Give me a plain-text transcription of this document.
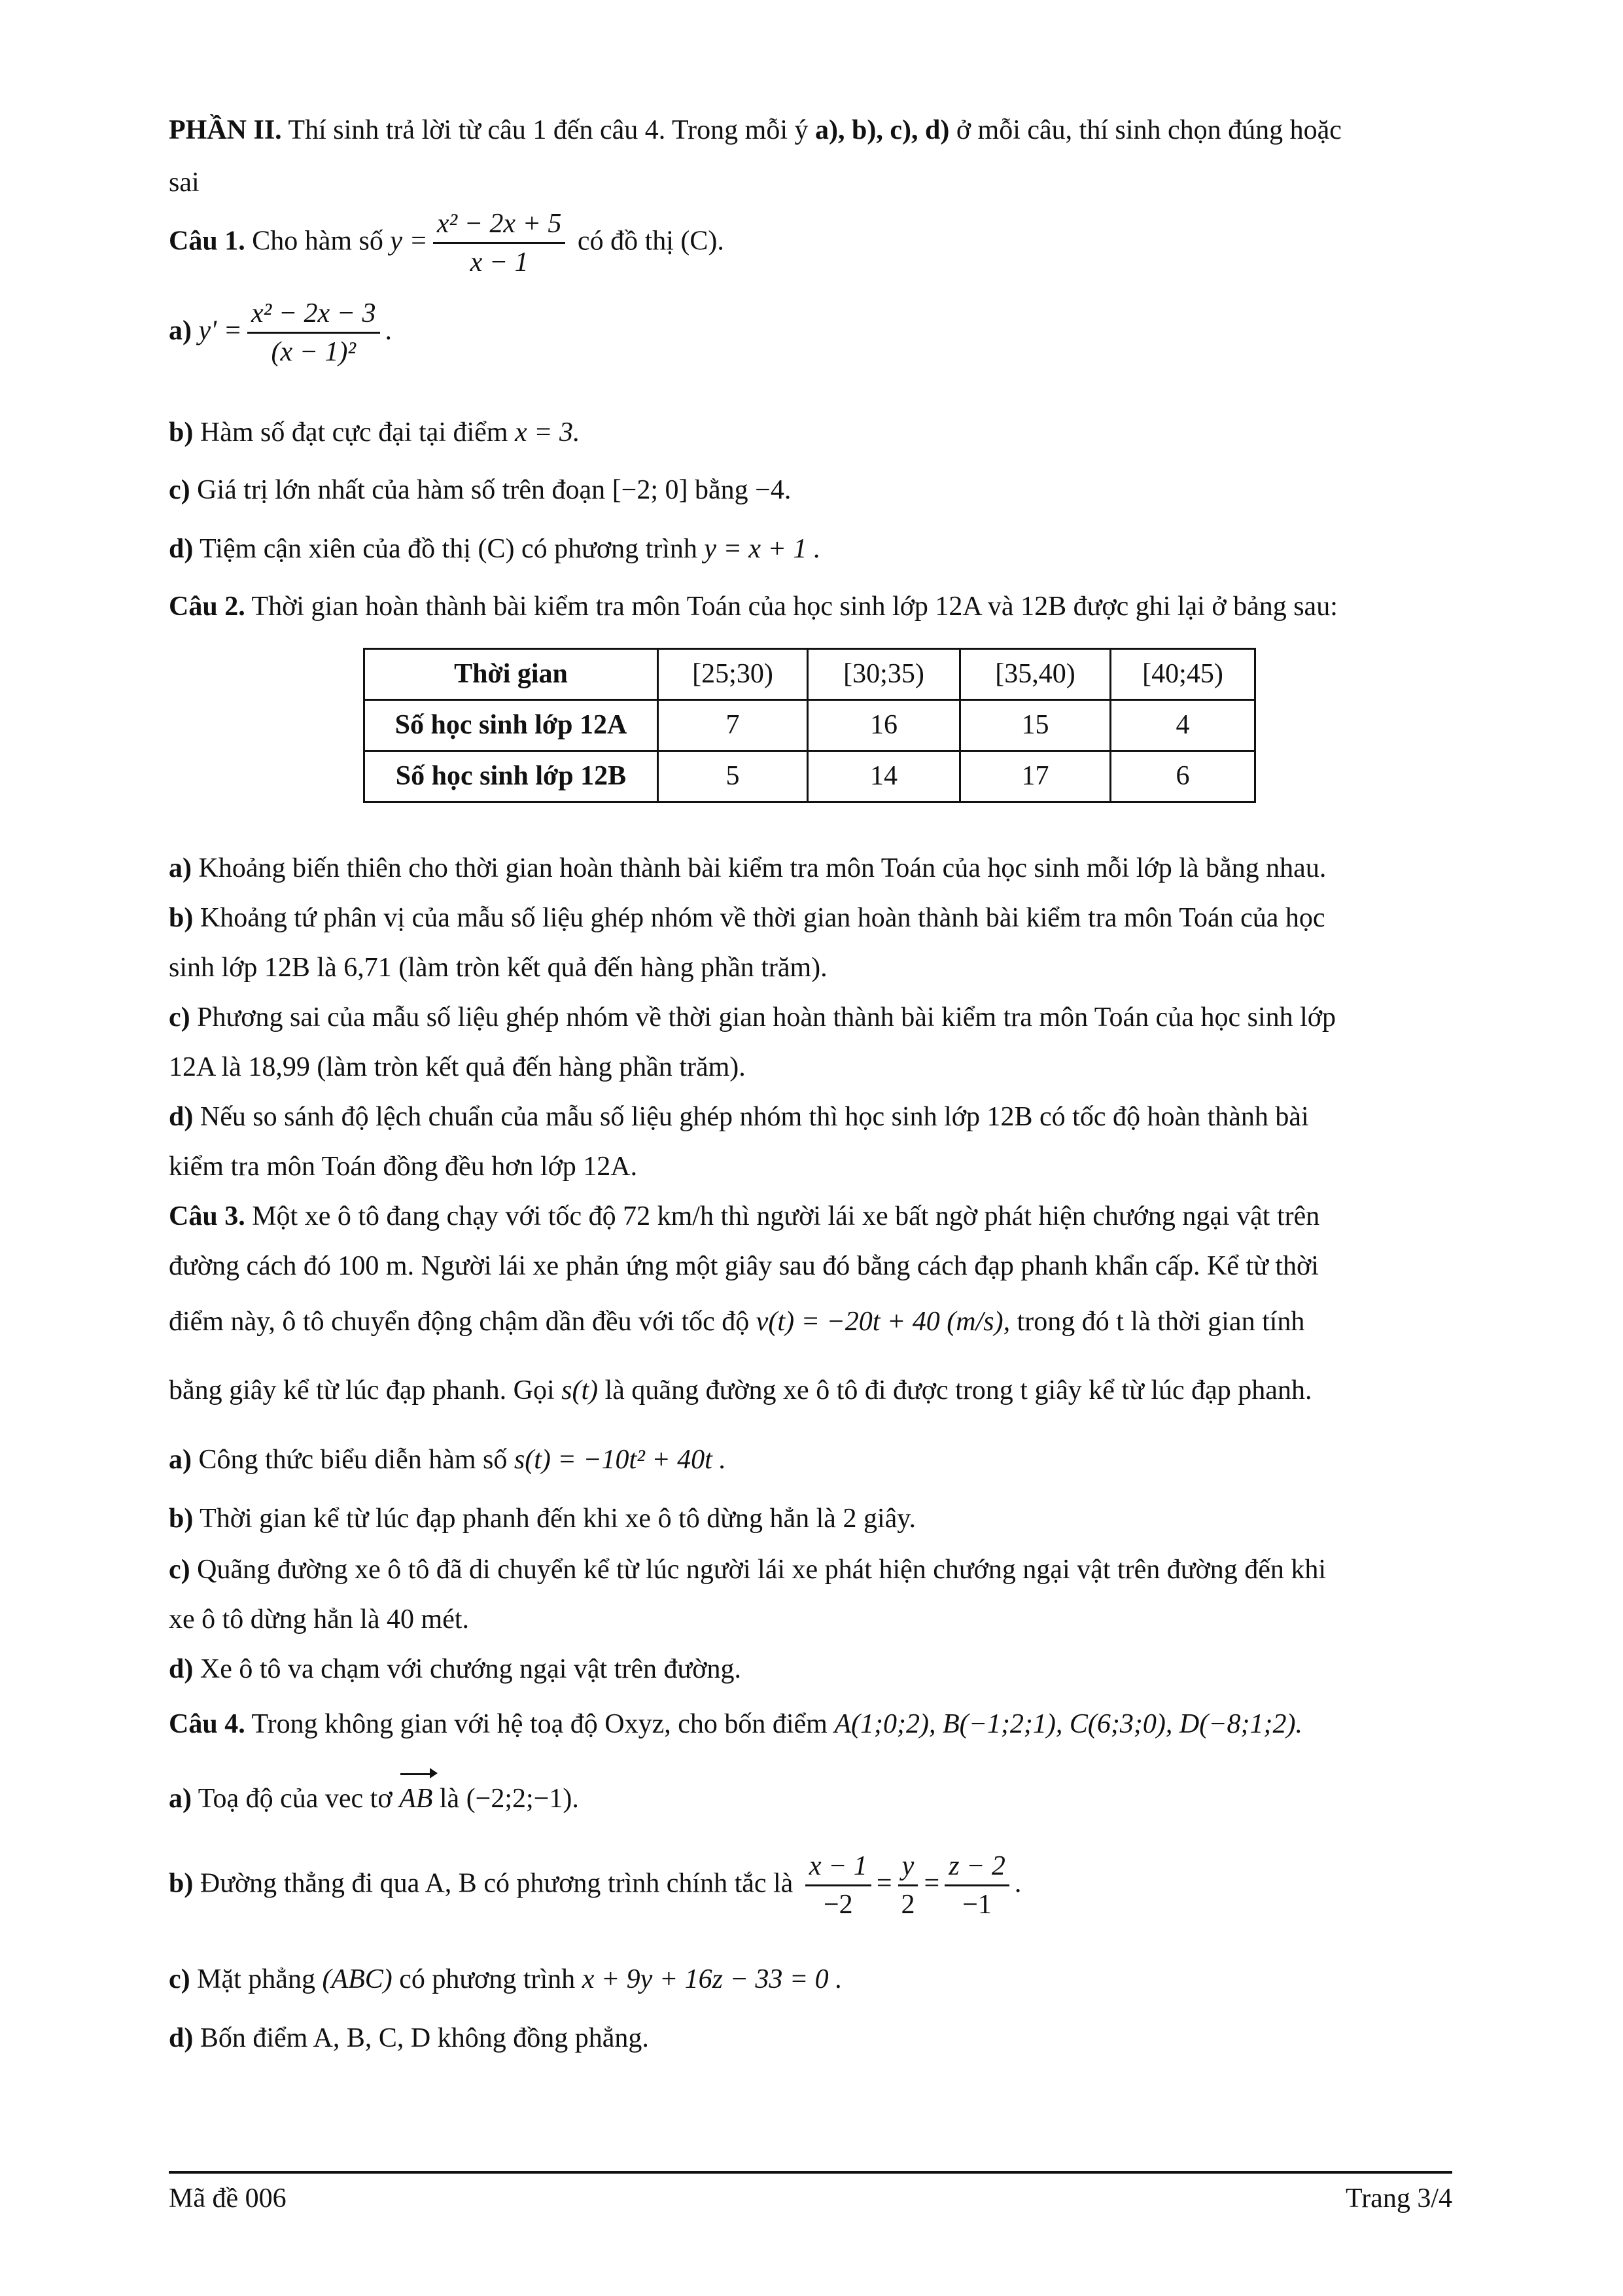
PHẦN II. Thí sinh trả lời từ câu 1 đến câu 4. Trong mỗi ý a), b), c), d) ở mỗi câu, thí sinh chọn đúng hoặc
sai
Câu 1. Cho hàm số $y = \frac{\text{x² − 2x + 5}}{x - 1}$ có đồ thị (C).
a) $y' = \frac{\text{x² − 2x − 3}}{\text{(x − 1)²}}$ .
b) Hàm số đạt cực đại tại điểm x = 3.
c) Giá trị lớn nhất của hàm số trên đoạn [−2; 0] bằng −4.
d) Tiệm cận xiên của đồ thị (C) có phương trình y = x + 1 .
Câu 2. Thời gian hoàn thành bài kiểm tra môn Toán của học sinh lớp 12A và 12B được ghi lại ở bảng sau:
Thời gian	[25;30)	[30;35)	[35,40)	[40;45)
Số học sinh lớp 12A	7	16	15	4
Số học sinh lớp 12B	5	14	17	6
a) Khoảng biến thiên cho thời gian hoàn thành bài kiểm tra môn Toán của học sinh mỗi lớp là bằng nhau.
b) Khoảng tứ phân vị của mẫu số liệu ghép nhóm về thời gian hoàn thành bài kiểm tra môn Toán của học
sinh lớp 12B là 6,71 (làm tròn kết quả đến hàng phần trăm).
c) Phương sai của mẫu số liệu ghép nhóm về thời gian hoàn thành bài kiểm tra môn Toán của học sinh lớp
12A là 18,99 (làm tròn kết quả đến hàng phần trăm).
d) Nếu so sánh độ lệch chuẩn của mẫu số liệu ghép nhóm thì học sinh lớp 12B có tốc độ hoàn thành bài
kiểm tra môn Toán đồng đều hơn lớp 12A.
Câu 3. Một xe ô tô đang chạy với tốc độ 72 km/h thì người lái xe bất ngờ phát hiện chướng ngại vật trên
đường cách đó 100 m. Người lái xe phản ứng một giây sau đó bằng cách đạp phanh khẩn cấp. Kể từ thời
điểm này, ô tô chuyển động chậm dần đều với tốc độ v(t) = −20t + 40 (m/s), trong đó t là thời gian tính
bằng giây kể từ lúc đạp phanh. Gọi s(t) là quãng đường xe ô tô đi được trong t giây kể từ lúc đạp phanh.
a) Công thức biểu diễn hàm số s(t) = −10t² + 40t .
b) Thời gian kể từ lúc đạp phanh đến khi xe ô tô dừng hẳn là 2 giây.
c) Quãng đường xe ô tô đã di chuyển kể từ lúc người lái xe phát hiện chướng ngại vật trên đường đến khi
xe ô tô dừng hẳn là 40 mét.
d) Xe ô tô va chạm với chướng ngại vật trên đường.
Câu 4. Trong không gian với hệ toạ độ Oxyz, cho bốn điểm A(1;0;2), B(−1;2;1), C(6;3;0), D(−8;1;2).
a) Toạ độ của vec tơ AB là (−2;2;−1).
b) Đường thẳng đi qua A, B có phương trình chính tắc là $\frac{x - 1}{-2} = \frac{y}{2} = \frac{z - 2}{-1}$ .
c) Mặt phẳng (ABC) có phương trình x + 9y + 16z − 33 = 0 .
d) Bốn điểm A, B, C, D không đồng phẳng.
Mã đề 006	Trang 3/4
